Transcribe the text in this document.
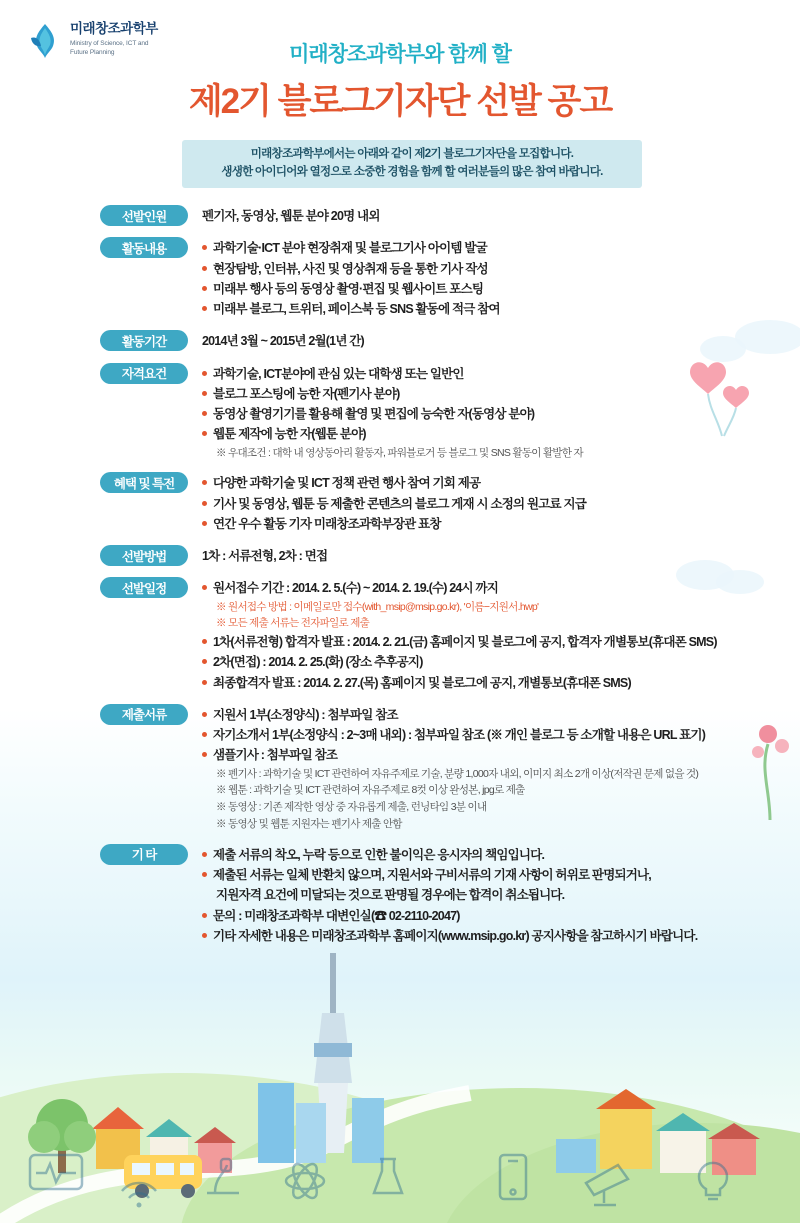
미래창조과학부
Ministry of Science, ICT and
Future Planning	미래창조과학부와 함께 할
제2기 블로그기자단 선발 공고
미래창조과학부에서는 아래와 같이 제2기 블로그기자단을 모집합니다.
생생한 아이디어와 열정으로 소중한 경험을 함께 할 여러분들의 많은 참여 바랍니다.
선발인원	펜기자, 동영상, 웹툰 분야 20명 내외
활동내용	과학기술·ICT 분야 현장취재 및 블로그기사 아이템 발굴
현장탐방, 인터뷰, 사진 및 영상취재 등을 통한 기사 작성
미래부 행사 등의 동영상 촬영·편집 및 웹사이트 포스팅
미래부 블로그, 트위터, 페이스북 등 SNS 활동에 적극 참여
활동기간	2014년 3월 ~ 2015년 2월(1년 간)
자격요건	과학기술, ICT분야에 관심 있는 대학생 또는 일반인
블로그 포스팅에 능한 자(펜기사 분야)
동영상 촬영기기를 활용해 촬영 및 편집에 능숙한 자(동영상 분야)
웹툰 제작에 능한 자(웹툰 분야)
※ 우대조건 : 대학 내 영상동아리 활동자, 파워블로거 등 블로그 및 SNS 활동이 활발한 자
혜택 및 특전	다양한 과학기술 및 ICT 정책 관련 행사 참여 기회 제공
기사 및 동영상, 웹툰 등 제출한 콘텐츠의 블로그 게재 시 소정의 원고료 지급
연간 우수 활동 기자 미래창조과학부장관 표창
선발방법	1차 : 서류전형, 2차 : 면접
선발일정	원서접수 기간 : 2014. 2. 5.(수) ~ 2014. 2. 19.(수) 24시 까지
※ 원서접수 방법 : 이메일로만 접수(with_msip@msip.go.kr), '이름−지원서.hwp'
※ 모든 제출 서류는 전자파일로 제출
1차(서류전형) 합격자 발표 : 2014. 2. 21.(금) 홈페이지 및 블로그에 공지, 합격자 개별통보(휴대폰 SMS)
2차(면접) : 2014. 2. 25.(화) (장소 추후공지)
최종합격자 발표 : 2014. 2. 27.(목) 홈페이지 및 블로그에 공지, 개별통보(휴대폰 SMS)
제출서류	지원서 1부(소정양식) : 첨부파일 참조
자기소개서 1부(소정양식 : 2~3매 내외) : 첨부파일 참조 (※ 개인 블로그 등 소개할 내용은 URL 표기)
샘플기사 : 첨부파일 참조
※ 펜기사 : 과학기술 및 ICT 관련하여 자유주제로 기술, 분량 1,000자 내외, 이미지 최소 2개 이상(저작권 문제 없을 것)
※ 웹툰 : 과학기술 및 ICT 관련하여 자유주제로 8컷 이상 완성본, jpg로 제출
※ 동영상 : 기존 제작한 영상 중 자유롭게 제출, 런닝타임 3분 이내
※ 동영상 및 웹툰 지원자는 펜기사 제출 안함
기 타	제출 서류의 착오, 누락 등으로 인한 불이익은 응시자의 책임입니다.
제출된 서류는 일체 반환치 않으며, 지원서와 구비서류의 기재 사항이 허위로 판명되거나,
지원자격 요건에 미달되는 것으로 판명될 경우에는 합격이 취소됩니다.
문의 : 미래창조과학부 대변인실(☎ 02-2110-2047)
기타 자세한 내용은 미래창조과학부 홈페이지(www.msip.go.kr) 공지사항을 참고하시기 바랍니다.
